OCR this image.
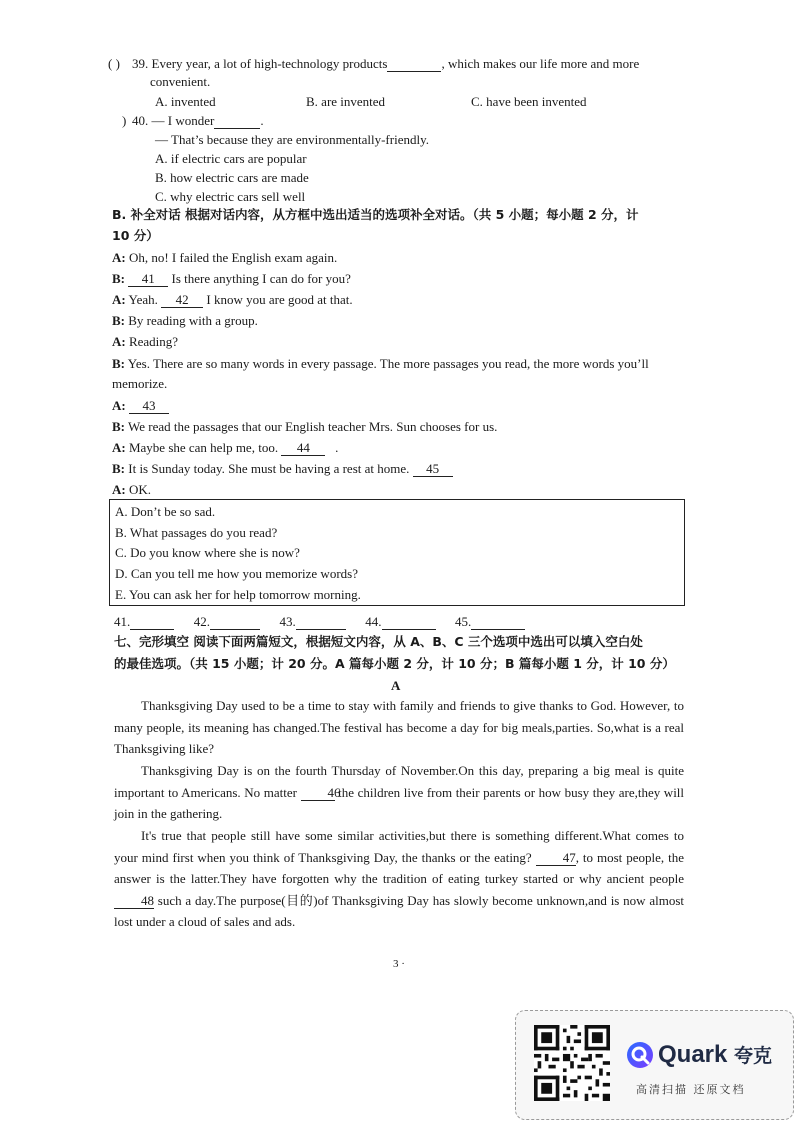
( ) 39. Every year, a lot of high-technology products	, which makes our life more and more
convenient.
A. invented	B. are invented	C. have been invented
) 40. — I wonder	.
— That’s because they are environmentally-friendly.
A. if electric cars are popular
B. how electric cars are made
C. why electric cars sell well
B. 补全对话 根据对话内容，从方框中选出适当的选项补全对话。（共 5 小题；每小题 2 分，计
10 分）
A: Oh, no! I failed the English exam again.
B: 41 Is there anything I can do for you?
A: Yeah. 42 I know you are good at that.
B: By reading with a group.
A: Reading?
B: Yes. There are so many words in every passage. The more passages you read, the more words you’ll
memorize.
A: 43
B: We read the passages that our English teacher Mrs. Sun chooses for us.
A: Maybe she can help me, too. 44 .
B: It is Sunday today. She must be having a rest at home. 45
A: OK.
A. Don’t be so sad.
B. What passages do you read?
C. Do you know where she is now?
D. Can you tell me how you memorize words?
E. You can ask her for help tomorrow morning.
41.	42.	43.	44.	45.
七、完形填空 阅读下面两篇短文，根据短文内容，从 A、B、C 三个选项中选出可以填入空白处
的最佳选项。（共 15 小题；计 20 分。A 篇每小题 2 分，计 10 分；B 篇每小题 1 分，计 10 分）
A
Thanksgiving Day used to be a time to stay with family and friends to give thanks to God. However, to many people, its meaning has changed.The festival has become a day for big meals,parties. So,what is a real Thanksgiving like?
Thanksgiving Day is on the fourth Thursday of November.On this day, preparing a big meal is quite important to Americans. No matter 46 the children live from their parents or how busy they are,they will join in the gathering.
It's true that people still have some similar activities,but there is something different.What comes to your mind first when you think of Thanksgiving Day, the thanks or the eating? 47, to most people, the answer is the latter.They have forgotten why the tradition of eating turkey started or why ancient people 48 such a day.The purpose(目的)of Thanksgiving Day has slowly become unknown,and is now almost lost under a cloud of sales and ads.
3 ·
Quark 夸克
高清扫描 还原文档
